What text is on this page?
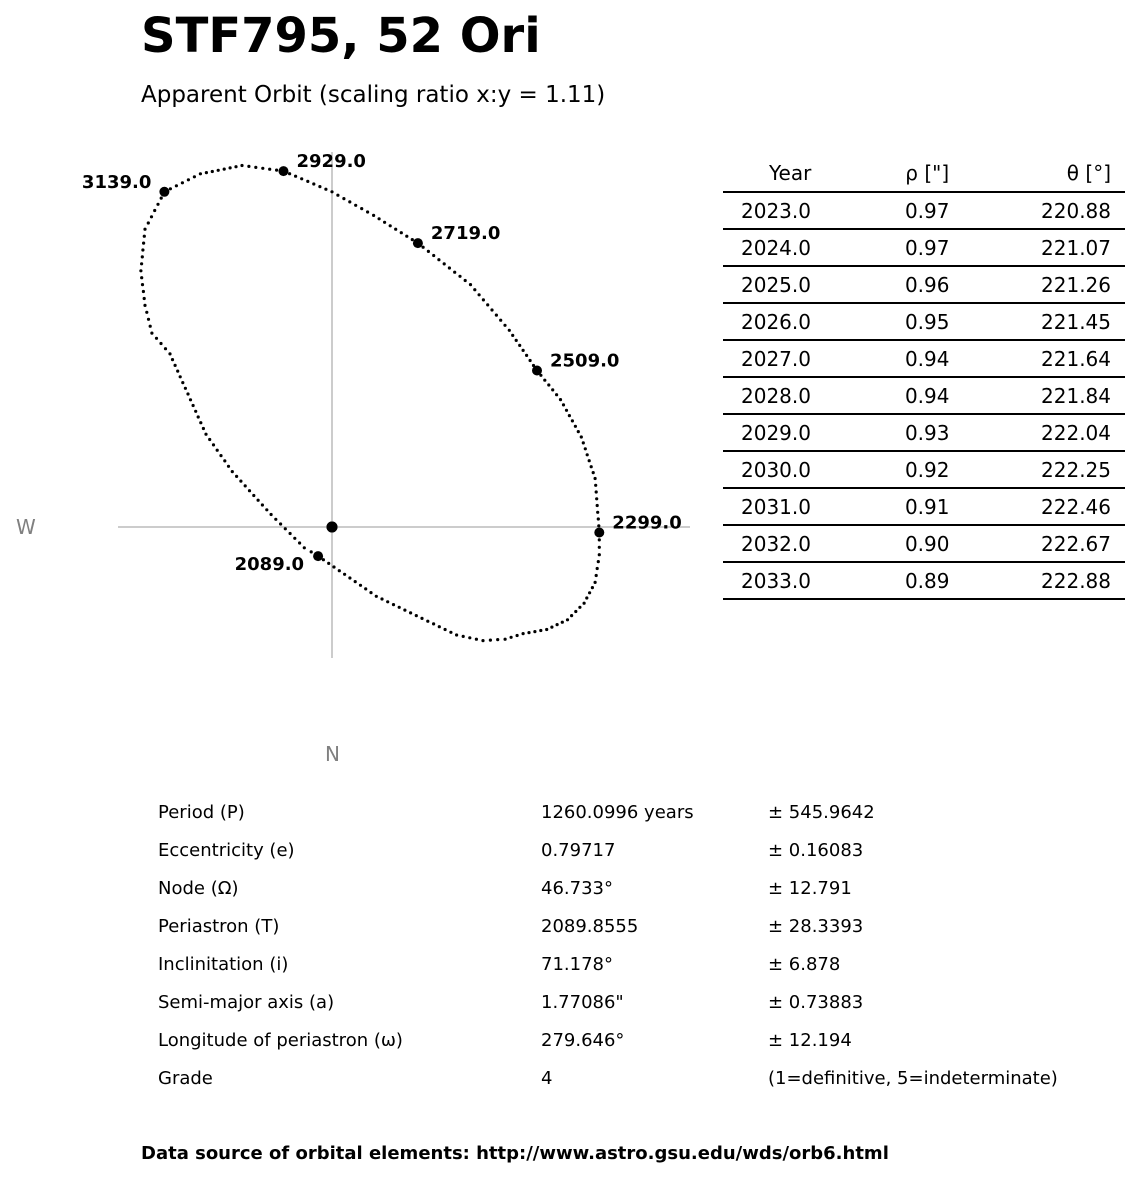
STF795, 52 Ori
Apparent Orbit (scaling ratio x:y = 1.11)
2089.0
2299.0
2509.0
2719.0
2929.0
3139.0
W
N
Year	ρ ["]	θ [°]
2023.0	0.97	220.88
2024.0	0.97	221.07
2025.0	0.96	221.26
2026.0	0.95	221.45
2027.0	0.94	221.64
2028.0	0.94	221.84
2029.0	0.93	222.04
2030.0	0.92	222.25
2031.0	0.91	222.46
2032.0	0.90	222.67
2033.0	0.89	222.88
Period (P)	1260.0996 years	± 545.9642
Eccentricity (e)	0.79717	± 0.16083
Node (Ω)	46.733°	± 12.791
Periastron (T)	2089.8555	± 28.3393
Inclinitation (i)	71.178°	± 6.878
Semi-major axis (a)	1.77086"	± 0.73883
Longitude of periastron (ω)	279.646°	± 12.194
Grade	4	(1=definitive, 5=indeterminate)
Data source of orbital elements: http://www.astro.gsu.edu/wds/orb6.html
